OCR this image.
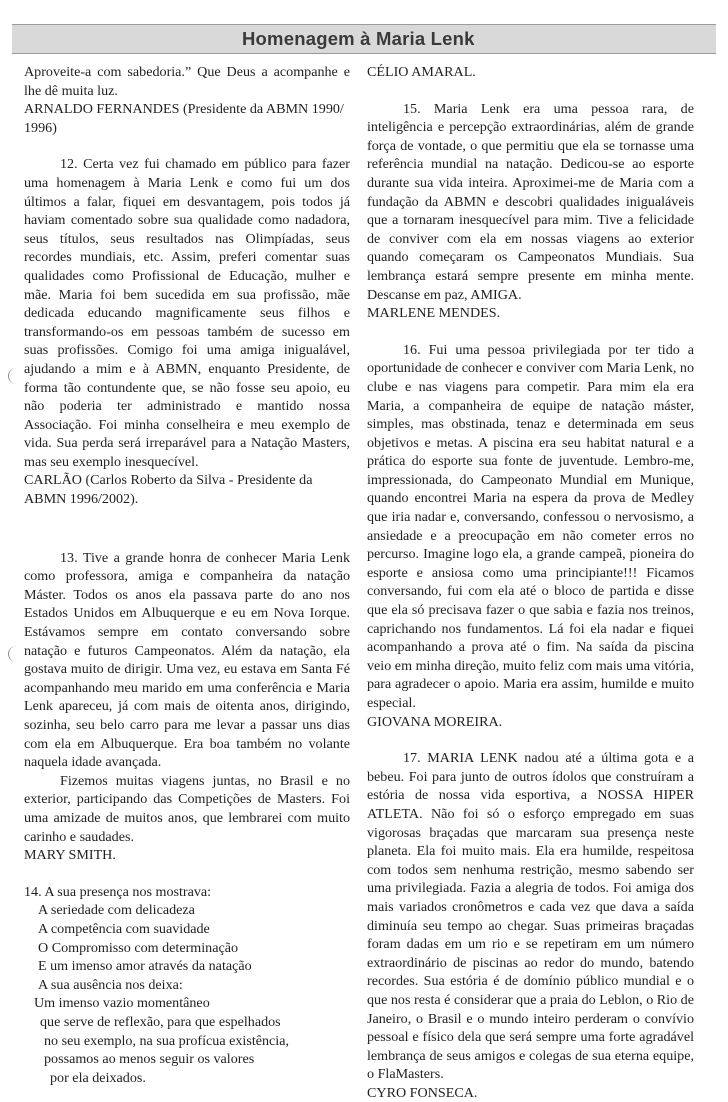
Homenagem à Maria Lenk

Aproveite-a com sabedoria.” Que Deus a acompanhe e lhe dê muita luz.

ARNALDO FERNANDES (Presidente da ABMN 1990/ 1996)

12. Certa vez fui chamado em público para fazer uma homenagem à Maria Lenk e como fui um dos últimos a falar, fiquei em desvantagem, pois todos já haviam comentado sobre sua qualidade como nadadora, seus títulos, seus resultados nas Olimpíadas, seus recordes mundiais, etc. Assim, preferi comentar suas qualidades como Profissional de Educação, mulher e mãe. Maria foi bem sucedida em sua profissão, mãe dedicada educando magnificamente seus filhos e transformando-os em pessoas também de sucesso em suas profissões. Comigo foi uma amiga inigualável, ajudando a mim e à ABMN, enquanto Presidente, de forma tão contundente que, se não fosse seu apoio, eu não poderia ter administrado e mantido nossa Associação. Foi minha conselheira e meu exemplo de vida. Sua perda será irreparável para a Natação Masters, mas seu exemplo inesquecível.

CARLÃO (Carlos Roberto da Silva - Presidente da ABMN 1996/2002).

13. Tive a grande honra de conhecer Maria Lenk como professora, amiga e companheira da natação Máster. Todos os anos ela passava parte do ano nos Estados Unidos em Albuquerque e eu em Nova Iorque. Estávamos sempre em contato conversando sobre natação e futuros Campeonatos. Além da natação, ela gostava muito de dirigir. Uma vez, eu estava em Santa Fé acompanhando meu marido em uma conferência e Maria Lenk apareceu, já com mais de oitenta anos, dirigindo, sozinha, seu belo carro para me levar a passar uns dias com ela em Albuquerque. Era boa também no volante naquela idade avançada.

Fizemos muitas viagens juntas, no Brasil e no exterior, participando das Competições de Masters. Foi uma amizade de muitos anos, que lembrarei com muito carinho e saudades.

MARY SMITH.

14. A sua presença nos mostrava:
A seriedade com delicadeza
A competência com suavidade
O Compromisso com determinação
E um imenso amor através da natação
A sua ausência nos deixa:
Um imenso vazio momentâneo
que serve de reflexão, para que espelhados
no seu exemplo, na sua profícua existência,
possamos ao menos seguir os valores
por ela deixados.

CÉLIO AMARAL.

15. Maria Lenk era uma pessoa rara, de inteligência e percepção extraordinárias, além de grande força de vontade, o que permitiu que ela se tornasse uma referência mundial na natação. Dedicou-se ao esporte durante sua vida inteira. Aproximei-me de Maria com a fundação da ABMN e descobri qualidades inigualáveis que a tornaram inesquecível para mim. Tive a felicidade de conviver com ela em nossas viagens ao exterior quando começaram os Campeonatos Mundiais. Sua lembrança estará sempre presente em minha mente. Descanse em paz, AMIGA.

MARLENE MENDES.

16. Fui uma pessoa privilegiada por ter tido a oportunidade de conhecer e conviver com Maria Lenk, no clube e nas viagens para competir. Para mim ela era Maria, a companheira de equipe de natação máster, simples, mas obstinada, tenaz e determinada em seus objetivos e metas. A piscina era seu habitat natural e a prática do esporte sua fonte de juventude. Lembro-me, impressionada, do Campeonato Mundial em Munique, quando encontrei Maria na espera da prova de Medley que iria nadar e, conversando, confessou o nervosismo, a ansiedade e a preocupação em não cometer erros no percurso. Imagine logo ela, a grande campeã, pioneira do esporte e ansiosa como uma principiante!!! Ficamos conversando, fui com ela até o bloco de partida e disse que ela só precisava fazer o que sabia e fazia nos treinos, caprichando nos fundamentos. Lá foi ela nadar e fiquei acompanhando a prova até o fim. Na saída da piscina veio em minha direção, muito feliz com mais uma vitória, para agradecer o apoio. Maria era assim, humilde e muito especial.

GIOVANA MOREIRA.

17. MARIA LENK nadou até a última gota e a bebeu. Foi para junto de outros ídolos que construíram a estória de nossa vida esportiva, a NOSSA HIPER ATLETA. Não foi só o esforço empregado em suas vigorosas braçadas que marcaram sua presença neste planeta. Ela foi muito mais. Ela era humilde, respeitosa com todos sem nenhuma restrição, mesmo sabendo ser uma privilegiada. Fazia a alegria de todos. Foi amiga dos mais variados cronômetros e cada vez que dava a saída diminuía seu tempo ao chegar. Suas primeiras braçadas foram dadas em um rio e se repetiram em um número extraordinário de piscinas ao redor do mundo, batendo recordes. Sua estória é de domínio público mundial e o que nos resta é considerar que a praia do Leblon, o Rio de Janeiro, o Brasil e o mundo inteiro perderam o convívio pessoal e físico dela que será sempre uma forte agradável lembrança de seus amigos e colegas de sua eterna equipe, o FlaMasters.

CYRO FONSECA.
